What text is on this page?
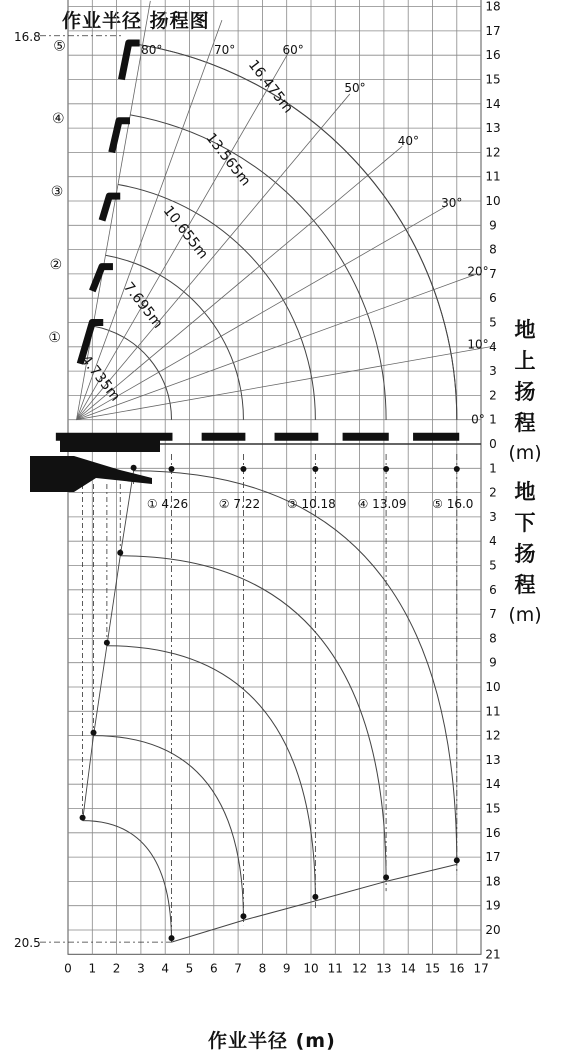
作业半径 扬程图
0 1 2 3 4 5 6 7 8 9 10 11 12 13 14 15 16 17
0
1
2
3
4
5
6
7
8
9
10
11
12
13
14
15
16
17
18
1
2
3
4
5
6
7
8
9
10
11
12
13
14
15
16
17
18
19
20
21
16.8
20.5
① 4.26
①
4.735m
② 7.22
②
7.695m
③ 10.18
③
10.655m
④ 13.09
④
13.565m
⑤ 16.0
⑤
16.475m
0°
10°
20°
30°
40°
50°
60°
70°
80°
地
上
扬
程
(m)
地
下
扬
程
(m)
作业半径 (m)
